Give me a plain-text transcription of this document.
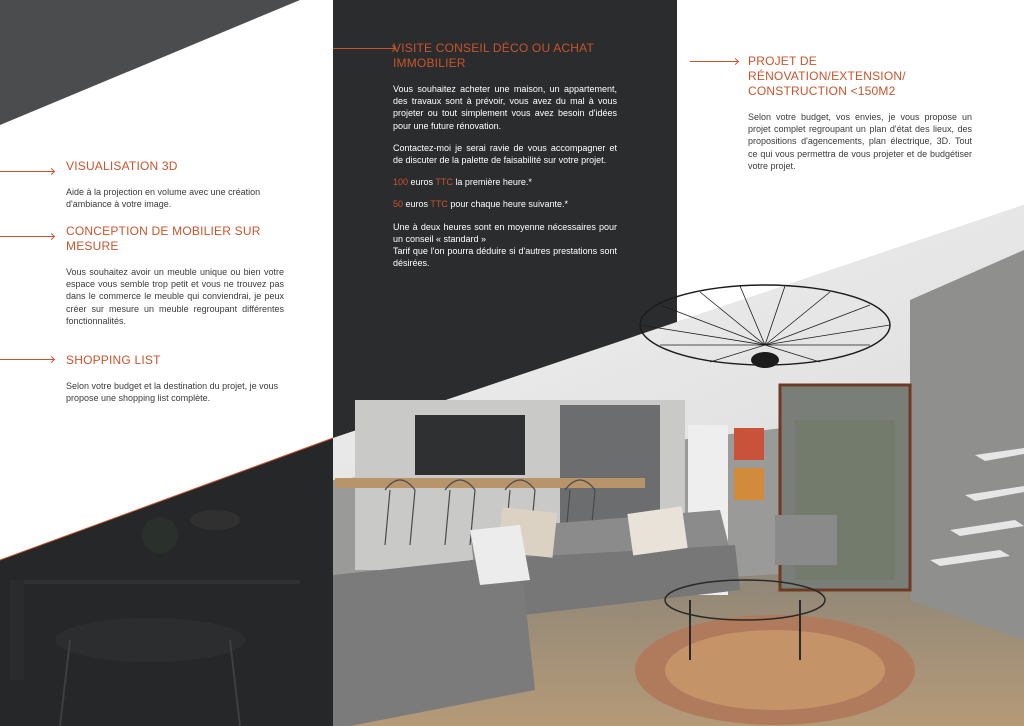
VISUALISATION 3D
Aide à la projection en volume avec une création d'ambiance à votre image.
CONCEPTION DE MOBILIER SUR MESURE
Vous souhaitez avoir un meuble unique ou bien votre espace vous semble trop petit et vous ne trouvez pas dans le commerce le meuble qui conviendrai, je peux créer sur mesure un meuble regroupant différentes fonctionnalités.
SHOPPING LIST
Selon votre budget et la destination du projet, je vous propose une shopping list complète.
VISITE CONSEIL DÉCO OU ACHAT IMMOBILIER

Vous souhaitez acheter une maison, un appartement, des travaux sont à prévoir, vous avez du mal à vous projeter ou tout simplement vous avez besoin d'idées pour une future rénovation.

Contactez-moi je serai ravie de vous accompagner et de discuter de la palette de faisabilité sur votre projet.

100 euros TTC la première heure.*

50 euros TTC pour chaque heure suivante.*

Une à deux heures sont en moyenne nécessaires pour un conseil « standard »

Tarif que l'on pourra déduire si d'autres prestations sont désirées.

PROJET DE RÉNOVATION/EXTENSION/ CONSTRUCTION <150M2
Selon votre budget, vos envies, je vous propose un projet complet regroupant un plan d'état des lieux, des propositions d'agencements, plan électrique, 3D. Tout ce qui vous permettra de vous projeter et de budgétiser votre projet.
